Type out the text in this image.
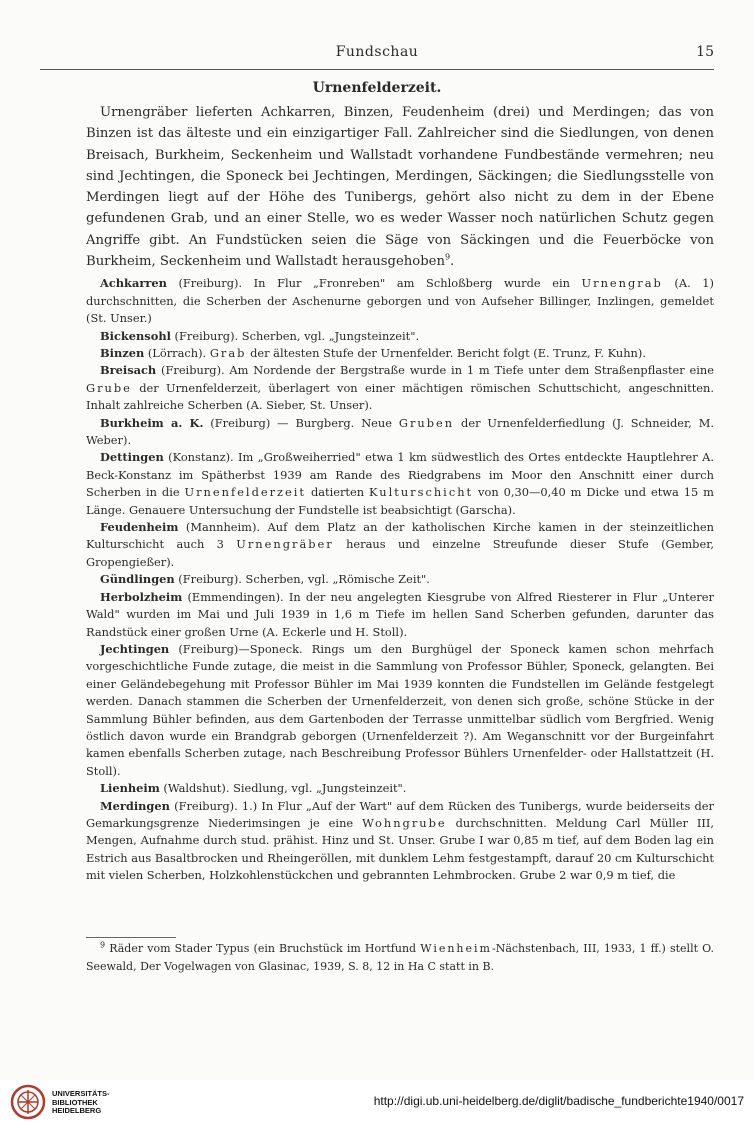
Fundschau	15
Urnenfelderzeit.

Urnengräber lieferten Achkarren, Binzen, Feudenheim (drei) und Merdingen; das von Binzen ist das älteste und ein einzigartiger Fall. Zahlreicher sind die Siedlungen, von denen Breisach, Burkheim, Seckenheim und Wallstadt vorhandene Fundbestände vermehren; neu sind Jechtingen, die Sponeck bei Jechtingen, Merdingen, Säckingen; die Siedlungsstelle von Merdingen liegt auf der Höhe des Tunibergs, gehört also nicht zu dem in der Ebene gefundenen Grab, und an einer Stelle, wo es weder Wasser noch natürlichen Schutz gegen Angriffe gibt. An Fundstücken seien die Säge von Säckingen und die Feuerböcke von Burkheim, Seckenheim und Wallstadt herausgehoben$^9$.

Achkarren (Freiburg). In Flur „Fronreben" am Schloßberg wurde ein Urnengrab (A. 1) durchschnitten, die Scherben der Aschenurne geborgen und von Aufseher Billinger, Inzlingen, gemeldet (St. Unser.)

Bickensohl (Freiburg). Scherben, vgl. „Jungsteinzeit".

Binzen (Lörrach). Grab der ältesten Stufe der Urnenfelder. Bericht folgt (E. Trunz, F. Kuhn).

Breisach (Freiburg). Am Nordende der Bergstraße wurde in 1 m Tiefe unter dem Straßenpflaster eine Grube der Urnenfelderzeit, überlagert von einer mächtigen römischen Schuttschicht, angeschnitten. Inhalt zahlreiche Scherben (A. Sieber, St. Unser).

Burkheim a. K. (Freiburg) — Burgberg. Neue Gruben der Urnenfelderfiedlung (J. Schneider, M. Weber).

Dettingen (Konstanz). Im „Großweiherried" etwa 1 km südwestlich des Ortes entdeckte Hauptlehrer A. Beck-Konstanz im Spätherbst 1939 am Rande des Riedgrabens im Moor den Anschnitt einer durch Scherben in die Urnenfelderzeit datierten Kulturschicht von 0,30—0,40 m Dicke und etwa 15 m Länge. Genauere Untersuchung der Fundstelle ist beabsichtigt (Garscha).

Feudenheim (Mannheim). Auf dem Platz an der katholischen Kirche kamen in der steinzeitlichen Kulturschicht auch 3 Urnengräber heraus und einzelne Streufunde dieser Stufe (Gember, Gropengießer).

Gündlingen (Freiburg). Scherben, vgl. „Römische Zeit".

Herbolzheim (Emmendingen). In der neu angelegten Kiesgrube von Alfred Riesterer in Flur „Unterer Wald" wurden im Mai und Juli 1939 in 1,6 m Tiefe im hellen Sand Scherben gefunden, darunter das Randstück einer großen Urne (A. Eckerle und H. Stoll).

Jechtingen (Freiburg)—Sponeck. Rings um den Burghügel der Sponeck kamen schon mehrfach vorgeschichtliche Funde zutage, die meist in die Sammlung von Professor Bühler, Sponeck, gelangten. Bei einer Geländebegehung mit Professor Bühler im Mai 1939 konnten die Fundstellen im Gelände festgelegt werden. Danach stammen die Scherben der Urnenfelderzeit, von denen sich große, schöne Stücke in der Sammlung Bühler befinden, aus dem Gartenboden der Terrasse unmittelbar südlich vom Bergfried. Wenig östlich davon wurde ein Brandgrab geborgen (Urnenfelderzeit ?). Am Weganschnitt vor der Burgeinfahrt kamen ebenfalls Scherben zutage, nach Beschreibung Professor Bühlers Urnenfelder- oder Hallstattzeit (H. Stoll).

Lienheim (Waldshut). Siedlung, vgl. „Jungsteinzeit".

Merdingen (Freiburg). 1.) In Flur „Auf der Wart" auf dem Rücken des Tunibergs, wurde beiderseits der Gemarkungsgrenze Niederimsingen je eine Wohngrube durchschnitten. Meldung Carl Müller III, Mengen, Aufnahme durch stud. prähist. Hinz und St. Unser. Grube I war 0,85 m tief, auf dem Boden lag ein Estrich aus Basaltbrocken und Rheingeröllen, mit dunklem Lehm festgestampft, darauf 20 cm Kulturschicht mit vielen Scherben, Holzkohlenstückchen und gebrannten Lehmbrocken. Grube 2 war 0,9 m tief, die

$^9$ Räder vom Stader Typus (ein Bruchstück im Hortfund Wienheim-Nächstenbach, III, 1933, 1 ff.) stellt O. Seewald, Der Vogelwagen von Glasinac, 1939, S. 8, 12 in Ha C statt in B.

UNIVERSITÄTS-
BIBLIOTHEK
HEIDELBERG
http://digi.ub.uni-heidelberg.de/diglit/badische_fundberichte1940/0017
